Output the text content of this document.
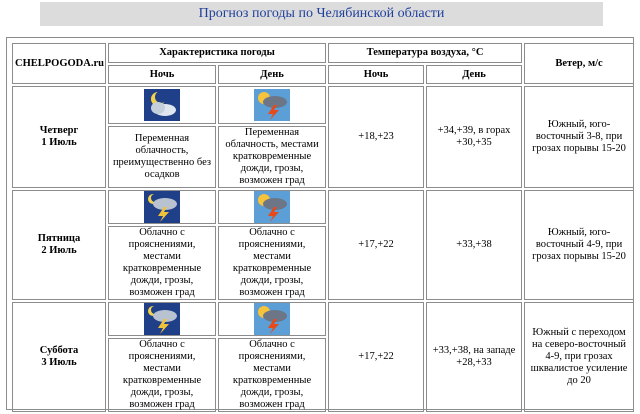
Прогноз погоды по Челябинской области
CHELPOGODA.ru	Характеристика погоды		Температура воздуха, °C		Ветер, м/с
	Ночь	День	Ночь	День	
Четверг
1 Июль			+18,+23	+34,+39, в горах +30,+35	Южный, юго-восточный 3-8, при грозах порывы 15-20
	Переменная облачность, преимущественно без осадков	Переменная облачность, местами кратковременные дожди, грозы, возможен град			
Пятница
2 Июль			+17,+22	+33,+38	Южный, юго-восточный 4-9, при грозах порывы 15-20
	Облачно с прояснениями, местами кратковременные дожди, грозы, возможен град	Облачно с прояснениями, местами кратковременные дожди, грозы, возможен град			
Суббота
3 Июль			+17,+22	+33,+38, на западе +28,+33	Южный с переходом на северо-восточный 4-9, при грозах шквалистое усиление до 20
	Облачно с прояснениями, местами кратковременные дожди, грозы, возможен град	Облачно с прояснениями, местами кратковременные дожди, грозы, возможен град			
